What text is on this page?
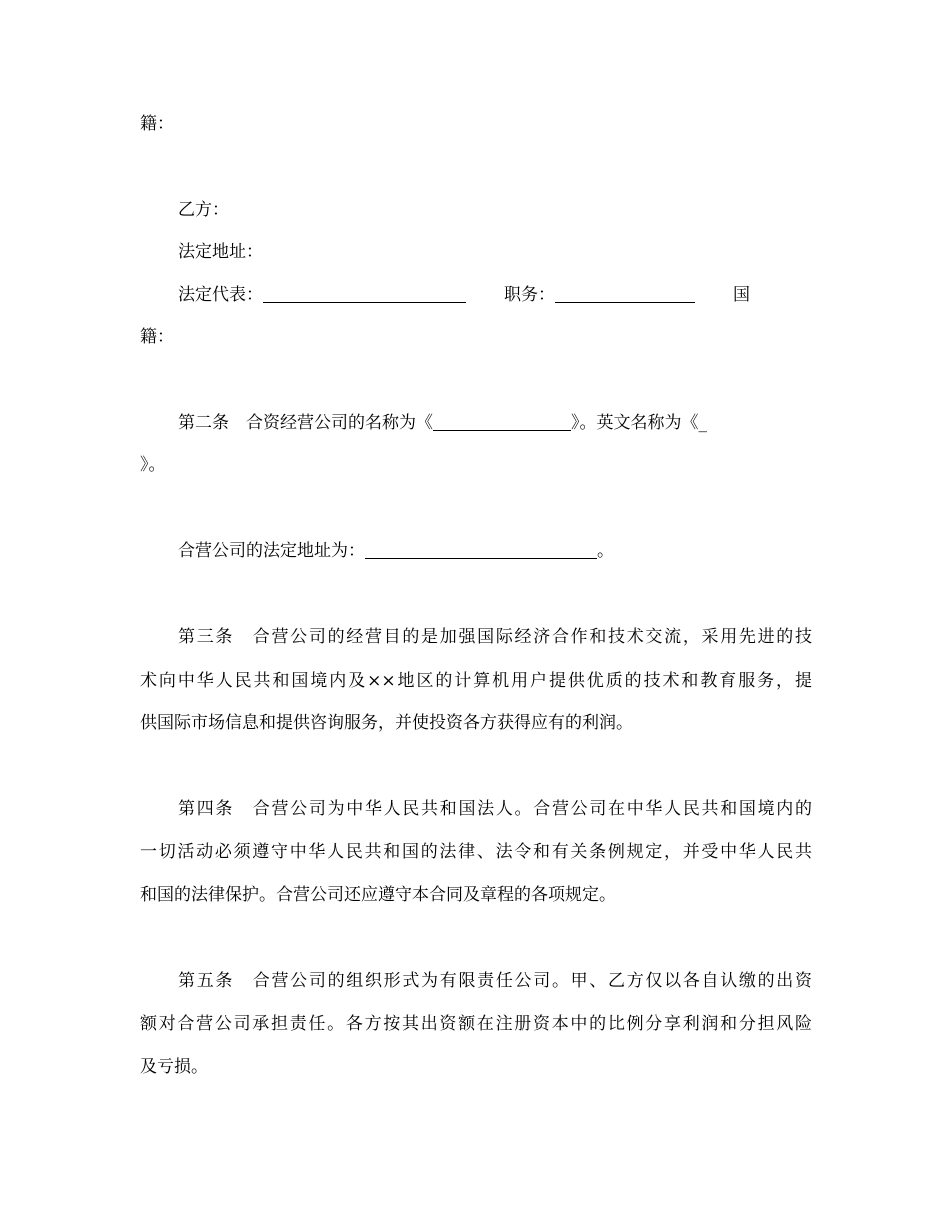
籍：
乙方：
法定地址：
法定代表：	职务：	国
籍：
第二条　合资经营公司的名称为《	》。英文名称为《_
》。
合营公司的法定地址为：	。
第三条　合营公司的经营目的是加强国际经济合作和技术交流，采用先进的技
术向中华人民共和国境内及××地区的计算机用户提供优质的技术和教育服务，提
供国际市场信息和提供咨询服务，并使投资各方获得应有的利润。
第四条　合营公司为中华人民共和国法人。合营公司在中华人民共和国境内的
一切活动必须遵守中华人民共和国的法律、法令和有关条例规定，并受中华人民共
和国的法律保护。合营公司还应遵守本合同及章程的各项规定。
第五条　合营公司的组织形式为有限责任公司。甲、乙方仅以各自认缴的出资
额对合营公司承担责任。各方按其出资额在注册资本中的比例分享利润和分担风险
及亏损。
